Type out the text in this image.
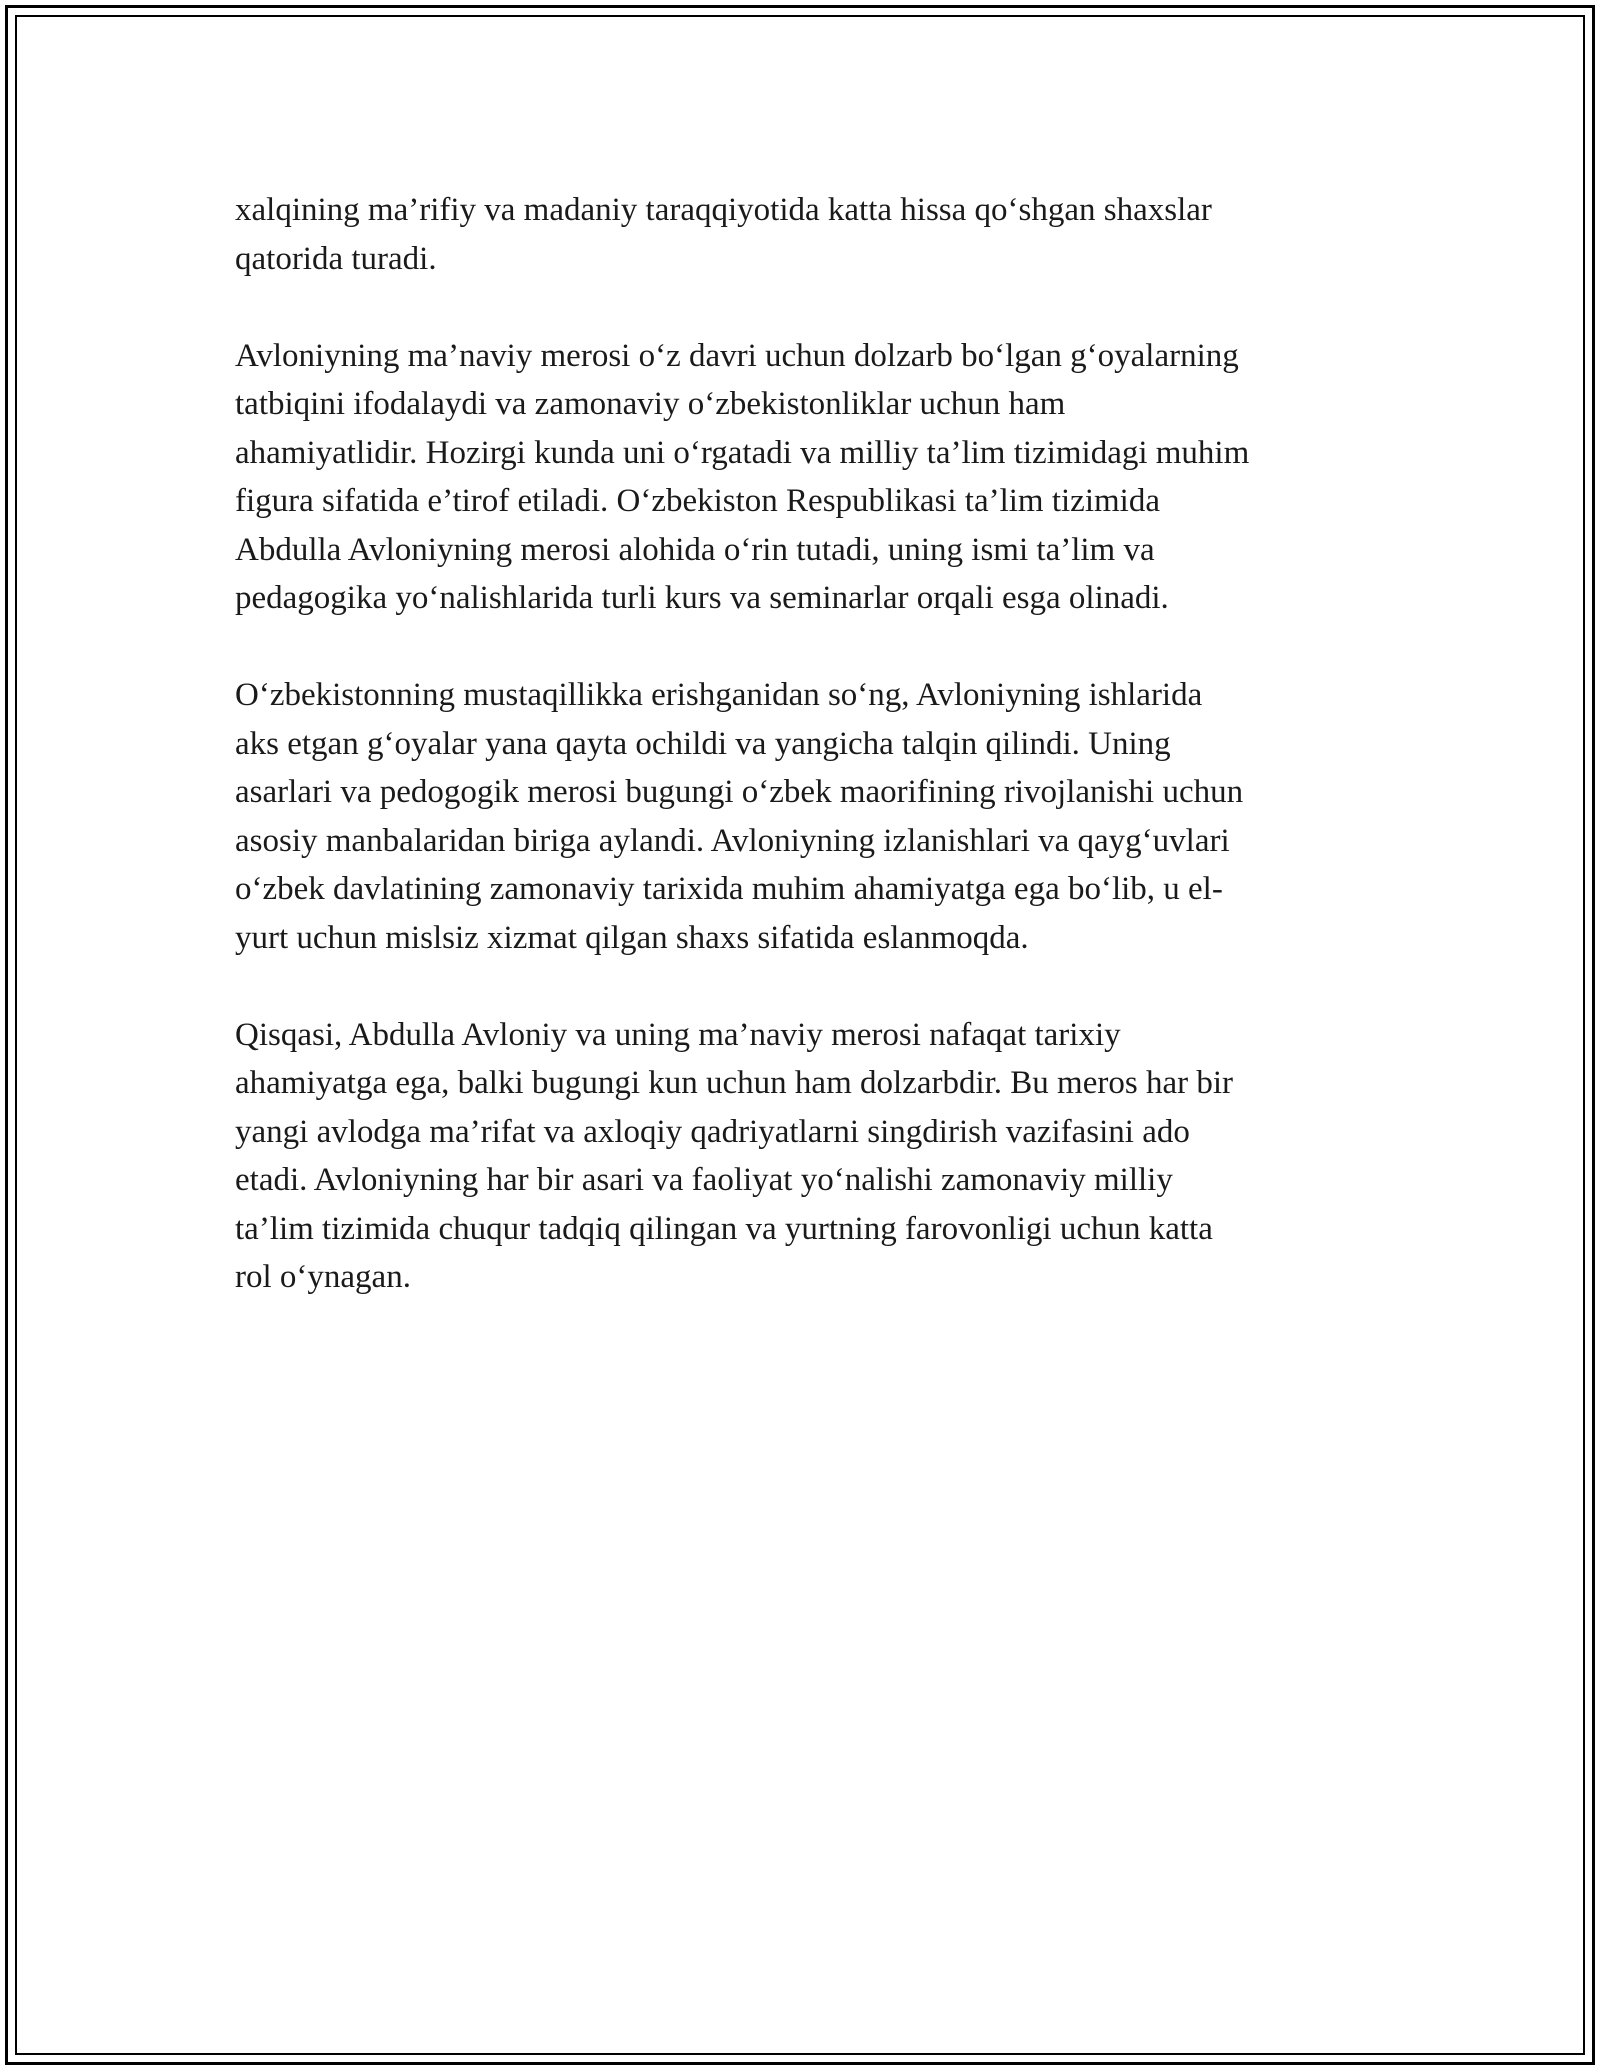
xalqining ma’rifiy va madaniy taraqqiyotida katta hissa qo‘shgan shaxslar
qatorida turadi.

Avloniyning ma’naviy merosi o‘z davri uchun dolzarb bo‘lgan g‘oyalarning
tatbiqini ifodalaydi va zamonaviy o‘zbekistonliklar uchun ham
ahamiyatlidir. Hozirgi kunda uni o‘rgatadi va milliy ta’lim tizimidagi muhim
figura sifatida e’tirof etiladi. O‘zbekiston Respublikasi ta’lim tizimida
Abdulla Avloniyning merosi alohida o‘rin tutadi, uning ismi ta’lim va
pedagogika yo‘nalishlarida turli kurs va seminarlar orqali esga olinadi.

O‘zbekistonning mustaqillikka erishganidan so‘ng, Avloniyning ishlarida
aks etgan g‘oyalar yana qayta ochildi va yangicha talqin qilindi. Uning
asarlari va pedogogik merosi bugungi o‘zbek maorifining rivojlanishi uchun
asosiy manbalaridan biriga aylandi. Avloniyning izlanishlari va qayg‘uvlari
o‘zbek davlatining zamonaviy tarixida muhim ahamiyatga ega bo‘lib, u el-
yurt uchun mislsiz xizmat qilgan shaxs sifatida eslanmoqda.

Qisqasi, Abdulla Avloniy va uning ma’naviy merosi nafaqat tarixiy
ahamiyatga ega, balki bugungi kun uchun ham dolzarbdir. Bu meros har bir
yangi avlodga ma’rifat va axloqiy qadriyatlarni singdirish vazifasini ado
etadi. Avloniyning har bir asari va faoliyat yo‘nalishi zamonaviy milliy
ta’lim tizimida chuqur tadqiq qilingan va yurtning farovonligi uchun katta
rol o‘ynagan.
